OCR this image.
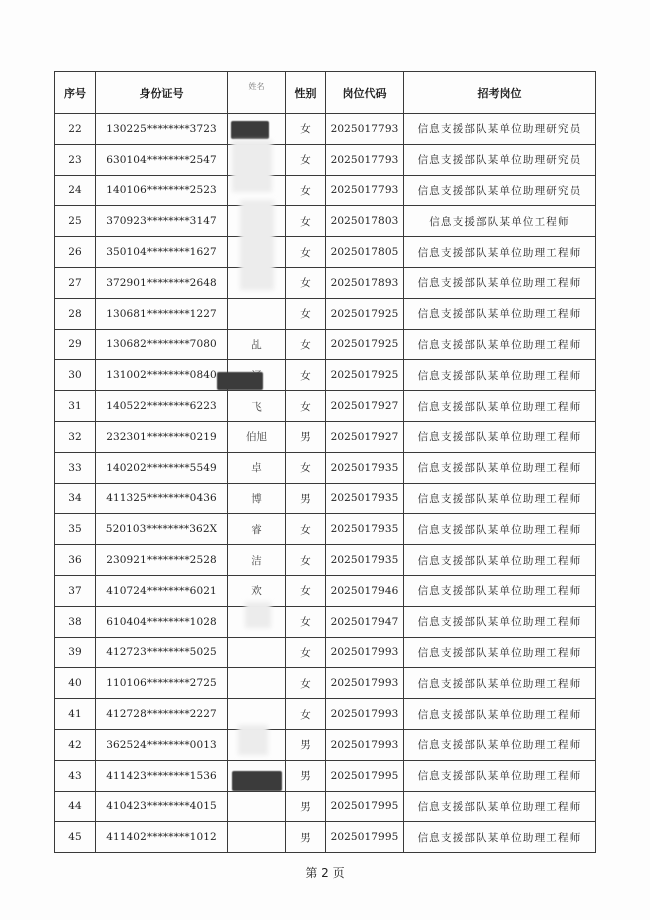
序号	身份证号	姓名	性别	岗位代码	招考岗位
22	130225********3723		女	2025017793	信息支援部队某单位助理研究员
23	630104********2547		女	2025017793	信息支援部队某单位助理研究员
24	140106********2523		女	2025017793	信息支援部队某单位助理研究员
25	370923********3147		女	2025017803	信息支援部队某单位工程师
26	350104********1627		女	2025017805	信息支援部队某单位助理工程师
27	372901********2648		女	2025017893	信息支援部队某单位助理工程师
28	130681********1227		女	2025017925	信息支援部队某单位助理工程师
29	130682********7080	乩	女	2025017925	信息支援部队某单位助理工程师
30	131002********0840		女	2025017925	信息支援部队某单位助理工程师
31	140522********6223	飞	女	2025017927	信息支援部队某单位助理工程师
32	232301********0219	伯旭	男	2025017927	信息支援部队某单位助理工程师
33	140202********5549	卓	女	2025017935	信息支援部队某单位助理工程师
34	411325********0436	博	男	2025017935	信息支援部队某单位助理工程师
35	520103********362X	睿	女	2025017935	信息支援部队某单位助理工程师
36	230921********2528	洁	女	2025017935	信息支援部队某单位助理工程师
37	410724********6021	欢	女	2025017946	信息支援部队某单位助理工程师
38	610404********1028		女	2025017947	信息支援部队某单位助理工程师
39	412723********5025		女	2025017993	信息支援部队某单位助理工程师
40	110106********2725		女	2025017993	信息支援部队某单位助理工程师
41	412728********2227		女	2025017993	信息支援部队某单位助理工程师
42	362524********0013		男	2025017993	信息支援部队某单位助理工程师
43	411423********1536		男	2025017995	信息支援部队某单位助理工程师
44	410423********4015		男	2025017995	信息支援部队某单位助理工程师
45	411402********1012		男	2025017995	信息支援部队某单位助理工程师
第 2 页
